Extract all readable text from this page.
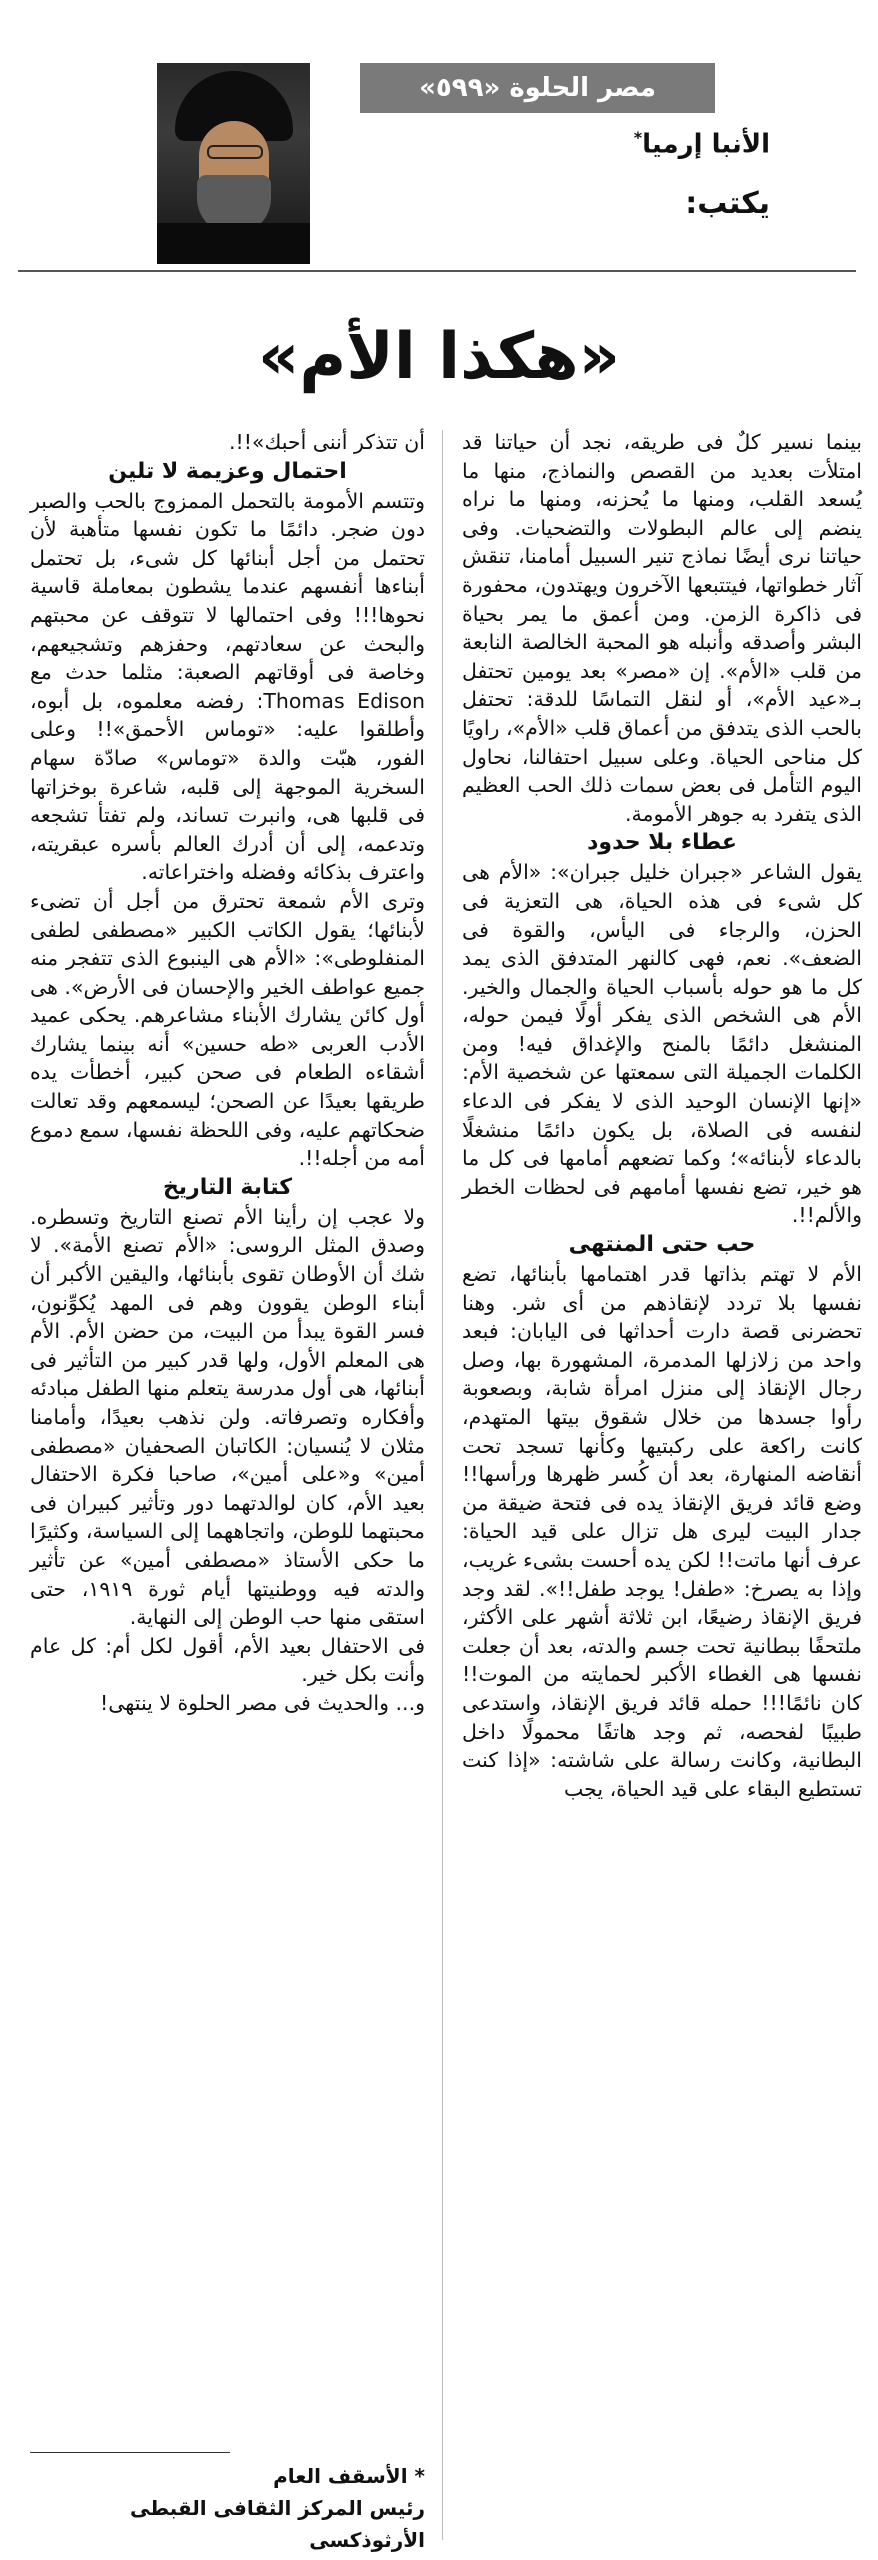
مصر الحلوة «٥٩٩»
الأنبا إرميا*
يكتب:
«هكذا الأم»

بينما نسير كلٌ فى طريقه، نجد أن حياتنا قد امتلأت بعديد من القصص والنماذج، منها ما يُسعد القلب، ومنها ما يُحزنه، ومنها ما نراه ينضم إلى عالم البطولات والتضحيات. وفى حياتنا نرى أيضًا نماذج تنير السبيل أمامنا، تنقش آثار خطواتها، فيتتبعها الآخرون ويهتدون، محفورة فى ذاكرة الزمن. ومن أعمق ما يمر بحياة البشر وأصدقه وأنبله هو المحبة الخالصة النابعة من قلب «الأم». إن «مصر» بعد يومين تحتفل بـ«عيد الأم»، أو لنقل التماسًا للدقة: تحتفل بالحب الذى يتدفق من أعماق قلب «الأم»، راويًا كل مناحى الحياة. وعلى سبيل احتفالنا، نحاول اليوم التأمل فى بعض سمات ذلك الحب العظيم الذى يتفرد به جوهر الأمومة.

عطاء بلا حدود

يقول الشاعر «جبران خليل جبران»: «الأم هى كل شىء فى هذه الحياة، هى التعزية فى الحزن، والرجاء فى اليأس، والقوة فى الضعف». نعم، فهى كالنهر المتدفق الذى يمد كل ما هو حوله بأسباب الحياة والجمال والخير. الأم هى الشخص الذى يفكر أولًا فيمن حوله، المنشغل دائمًا بالمنح والإغداق فيه! ومن الكلمات الجميلة التى سمعتها عن شخصية الأم: «إنها الإنسان الوحيد الذى لا يفكر فى الدعاء لنفسه فى الصلاة، بل يكون دائمًا منشغلًا بالدعاء لأبنائه»؛ وكما تضعهم أمامها فى كل ما هو خير، تضع نفسها أمامهم فى لحظات الخطر والألم!!.

حب حتى المنتهى

الأم لا تهتم بذاتها قدر اهتمامها بأبنائها، تضع نفسها بلا تردد لإنقاذهم من أى شر. وهنا تحضرنى قصة دارت أحداثها فى اليابان: فبعد واحد من زلازلها المدمرة، المشهورة بها، وصل رجال الإنقاذ إلى منزل امرأة شابة، وبصعوبة رأوا جسدها من خلال شقوق بيتها المتهدم، كانت راكعة على ركبتيها وكأنها تسجد تحت أنقاضه المنهارة، بعد أن كُسر ظهرها ورأسها!! وضع قائد فريق الإنقاذ يده فى فتحة ضيقة من جدار البيت ليرى هل تزال على قيد الحياة: عرف أنها ماتت!! لكن يده أحست بشىء غريب، وإذا به يصرخ: «طفل! يوجد طفل!!». لقد وجد فريق الإنقاذ رضيعًا، ابن ثلاثة أشهر على الأكثر، ملتحفًا ببطانية تحت جسم والدته، بعد أن جعلت نفسها هى الغطاء الأكبر لحمايته من الموت!! كان نائمًا!!! حمله قائد فريق الإنقاذ، واستدعى طبيبًا لفحصه، ثم وجد هاتفًا محمولًا داخل البطانية، وكانت رسالة على شاشته: «إذا كنت تستطيع البقاء على قيد الحياة، يجب

أن تتذكر أننى أحبك»!!.

احتمال وعزيمة لا تلين

وتتسم الأمومة بالتحمل الممزوج بالحب والصبر دون ضجر. دائمًا ما تكون نفسها متأهبة لأن تحتمل من أجل أبنائها كل شىء، بل تحتمل أبناءها أنفسهم عندما يشطون بمعاملة قاسية نحوها!!! وفى احتمالها لا تتوقف عن محبتهم والبحث عن سعادتهم، وحفزهم وتشجيعهم، وخاصة فى أوقاتهم الصعبة: مثلما حدث مع Thomas Edison: رفضه معلموه، بل أبوه، وأطلقوا عليه: «توماس الأحمق»!! وعلى الفور، هبّت والدة «توماس» صادّة سهام السخرية الموجهة إلى قلبه، شاعرة بوخزاتها فى قلبها هى، وانبرت تساند، ولم تفتأ تشجعه وتدعمه، إلى أن أدرك العالم بأسره عبقريته، واعترف بذكائه وفضله واختراعاته.

وترى الأم شمعة تحترق من أجل أن تضىء لأبنائها؛ يقول الكاتب الكبير «مصطفى لطفى المنفلوطى»: «الأم هى الينبوع الذى تتفجر منه جميع عواطف الخير والإحسان فى الأرض». هى أول كائن يشارك الأبناء مشاعرهم. يحكى عميد الأدب العربى «طه حسين» أنه بينما يشارك أشقاءه الطعام فى صحن كبير، أخطأت يده طريقها بعيدًا عن الصحن؛ ليسمعهم وقد تعالت ضحكاتهم عليه، وفى اللحظة نفسها، سمع دموع أمه من أجله!!.

كتابة التاريخ

ولا عجب إن رأينا الأم تصنع التاريخ وتسطره. وصدق المثل الروسى: «الأم تصنع الأمة». لا شك أن الأوطان تقوى بأبنائها، واليقين الأكبر أن أبناء الوطن يقوون وهم فى المهد يُكوِّنون، فسر القوة يبدأ من البيت، من حضن الأم. الأم هى المعلم الأول، ولها قدر كبير من التأثير فى أبنائها، هى أول مدرسة يتعلم منها الطفل مبادئه وأفكاره وتصرفاته. ولن نذهب بعيدًا، وأمامنا مثلان لا يُنسيان: الكاتبان الصحفيان «مصطفى أمين» و«على أمين»، صاحبا فكرة الاحتفال بعيد الأم، كان لوالدتهما دور وتأثير كبيران فى محبتهما للوطن، واتجاههما إلى السياسة، وكثيرًا ما حكى الأستاذ «مصطفى أمين» عن تأثير والدته فيه ووطنيتها أيام ثورة ١٩١٩، حتى استقى منها حب الوطن إلى النهاية.

فى الاحتفال بعيد الأم، أقول لكل أم: كل عام وأنت بكل خير.

و... والحديث فى مصر الحلوة لا ينتهى!

* الأسقف العام
رئيس المركز الثقافى القبطى الأرثوذكسى
